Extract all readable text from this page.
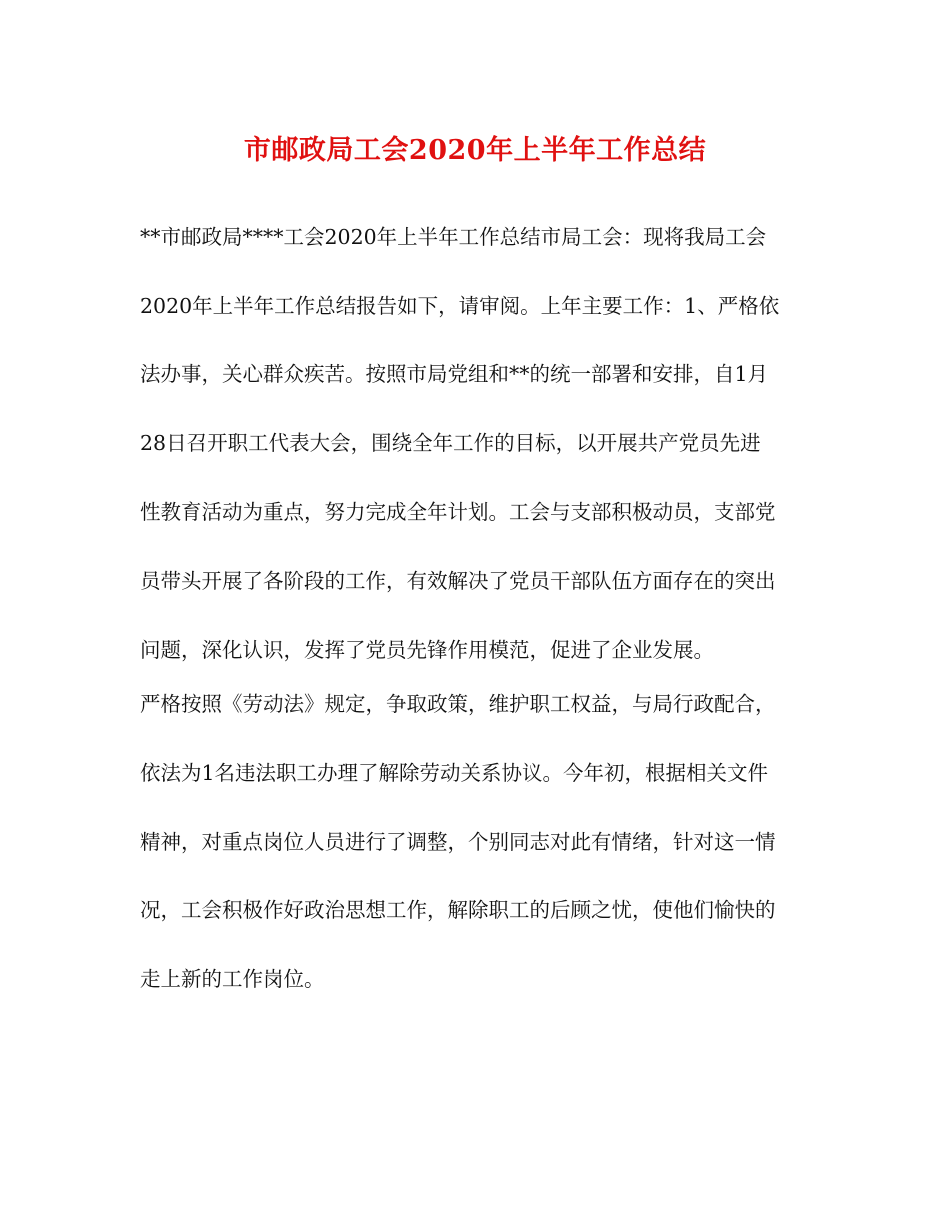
市邮政局工会2020年上半年工作总结
**市邮政局****工会2020年上半年工作总结市局工会：现将我局工会
2020年上半年工作总结报告如下，请审阅。上年主要工作：1、严格依
法办事，关心群众疾苦。按照市局党组和**的统一部署和安排，自1月
28日召开职工代表大会，围绕全年工作的目标，以开展共产党员先进
性教育活动为重点，努力完成全年计划。工会与支部积极动员，支部党
员带头开展了各阶段的工作，有效解决了党员干部队伍方面存在的突出
问题，深化认识，发挥了党员先锋作用模范，促进了企业发展。
严格按照《劳动法》规定，争取政策，维护职工权益，与局行政配合，
依法为1名违法职工办理了解除劳动关系协议。今年初，根据相关文件
精神，对重点岗位人员进行了调整，个别同志对此有情绪，针对这一情
况，工会积极作好政治思想工作，解除职工的后顾之忧，使他们愉快的
走上新的工作岗位。
